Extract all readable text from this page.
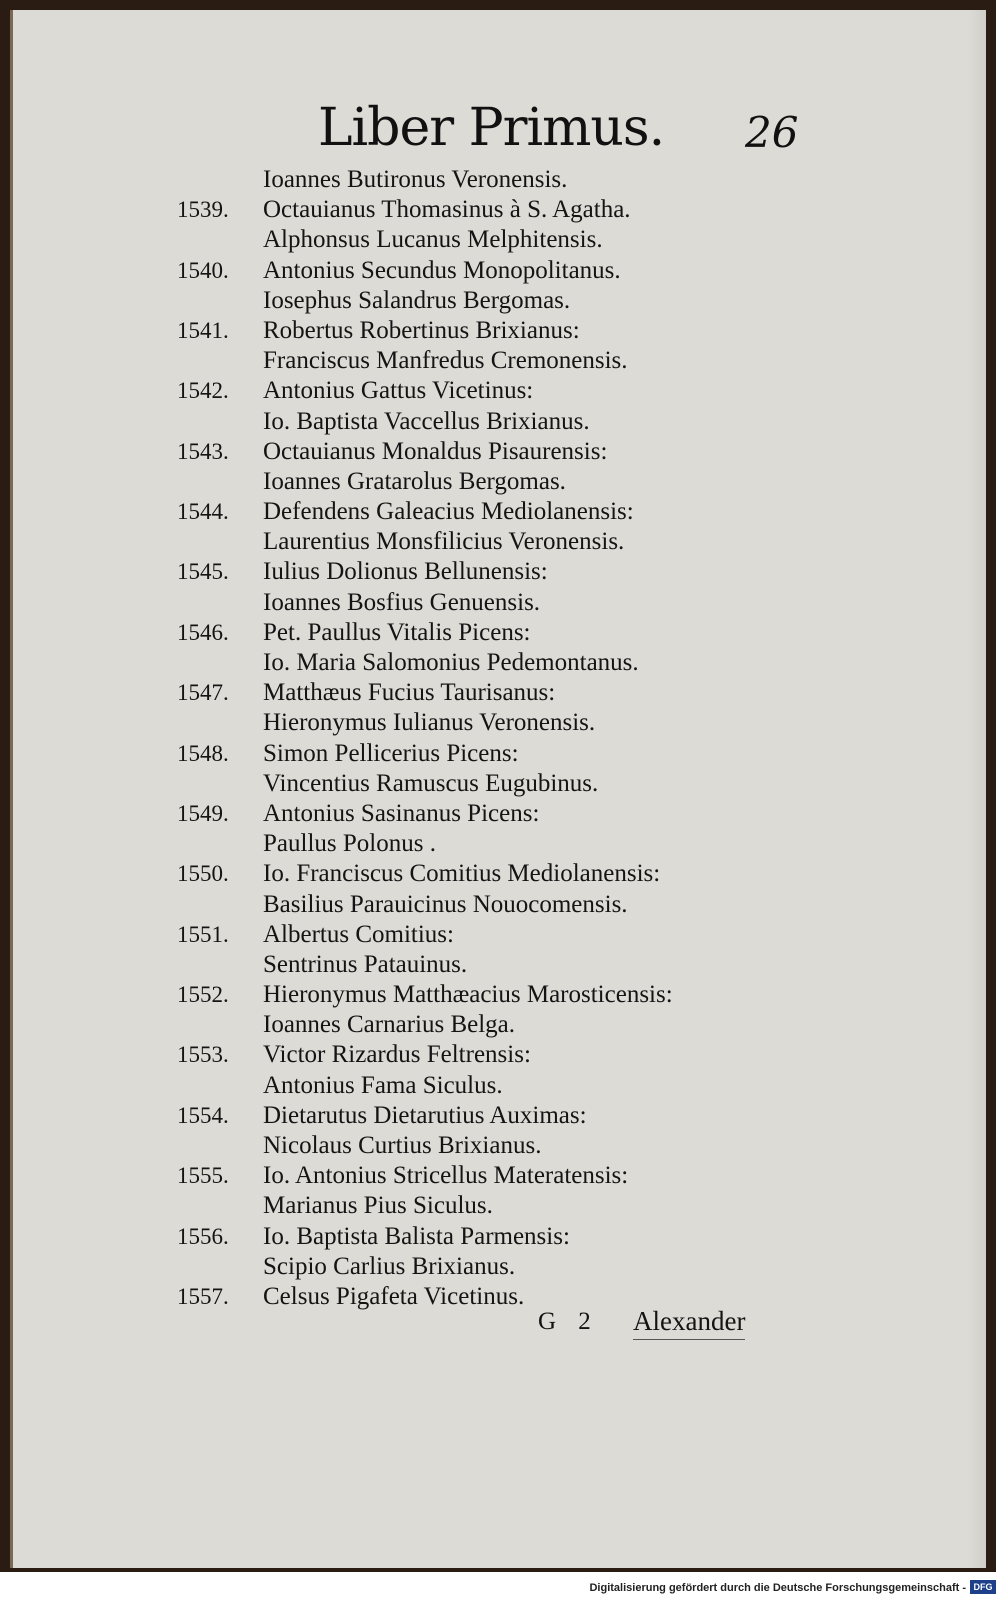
Liber Primus. 26
Ioannes Butironus Veronensis.
1539.	Octauianus Thomasinus à S. Agatha.
Alphonsus Lucanus Melphitensis.
1540.	Antonius Secundus Monopolitanus.
Iosephus Salandrus Bergomas.
1541.	Robertus Robertinus Brixianus:
Franciscus Manfredus Cremonensis.
1542.	Antonius Gattus Vicetinus:
Io. Baptista Vaccellus Brixianus.
1543.	Octauianus Monaldus Pisaurensis:
Ioannes Gratarolus Bergomas.
1544.	Defendens Galeacius Mediolanensis:
Laurentius Monsfilicius Veronensis.
1545.	Iulius Dolionus Bellunensis:
Ioannes Bosfius Genuensis.
1546.	Pet. Paullus Vitalis Picens:
Io. Maria Salomonius Pedemontanus.
1547.	Matthæus Fucius Taurisanus:
Hieronymus Iulianus Veronensis.
1548.	Simon Pellicerius Picens:
Vincentius Ramuscus Eugubinus.
1549.	Antonius Sasinanus Picens:
Paullus Polonus .
1550.	Io. Franciscus Comitius Mediolanensis:
Basilius Parauicinus Nouocomensis.
1551.	Albertus Comitius:
Sentrinus Patauinus.
1552.	Hieronymus Matthæacius Marosticensis:
Ioannes Carnarius Belga.
1553.	Victor Rizardus Feltrensis:
Antonius Fama Siculus.
1554.	Dietarutus Dietarutius Auximas:
Nicolaus Curtius Brixianus.
1555.	Io. Antonius Stricellus Materatensis:
Marianus Pius Siculus.
1556.	Io. Baptista Balista Parmensis:
Scipio Carlius Brixianus.
1557.	Celsus Pigafeta Vicetinus.
G 2 Alexander
Digitalisierung gefördert durch die Deutsche Forschungsgemeinschaft - DFG
